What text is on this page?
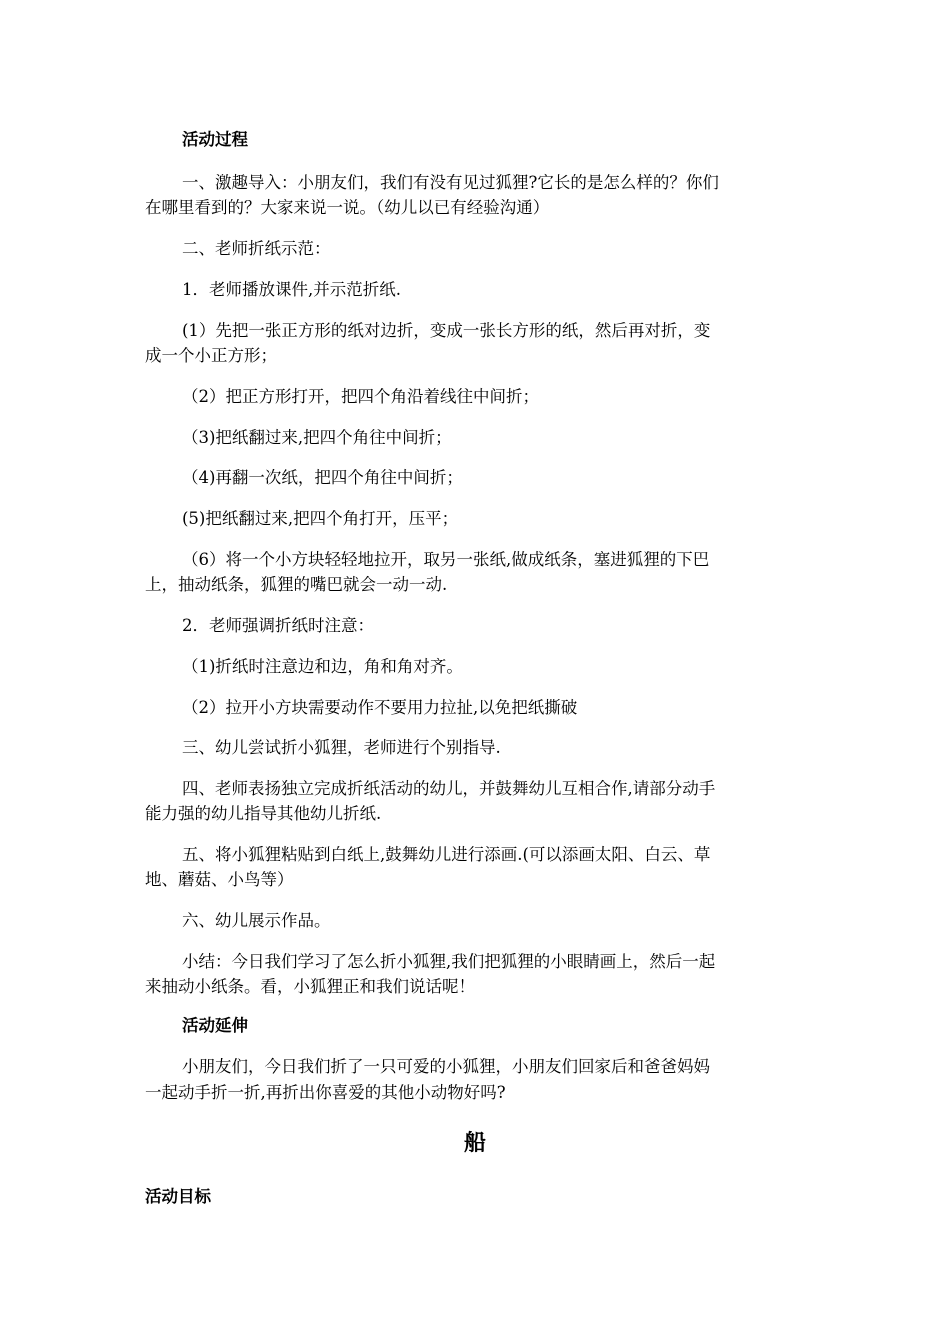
活动过程
一、激趣导入：小朋友们，我们有没有见过狐狸?它长的是怎么样的？你们
在哪里看到的？大家来说一说。（幼儿以已有经验沟通）
二、老师折纸示范：
1．老师播放课件,并示范折纸.
(1）先把一张正方形的纸对边折，变成一张长方形的纸，然后再对折，变
成一个小正方形；
（2）把正方形打开，把四个角沿着线往中间折；
（3)把纸翻过来,把四个角往中间折；
（4)再翻一次纸，把四个角往中间折；
(5)把纸翻过来,把四个角打开，压平；
（6）将一个小方块轻轻地拉开，取另一张纸,做成纸条，塞进狐狸的下巴
上，抽动纸条，狐狸的嘴巴就会一动一动.
2．老师强调折纸时注意：
（1)折纸时注意边和边，角和角对齐。
（2）拉开小方块需要动作不要用力拉扯,以免把纸撕破
三、幼儿尝试折小狐狸，老师进行个别指导.
四、老师表扬独立完成折纸活动的幼儿，并鼓舞幼儿互相合作,请部分动手
能力强的幼儿指导其他幼儿折纸.
五、将小狐狸粘贴到白纸上,鼓舞幼儿进行添画.(可以添画太阳、白云、草
地、蘑菇、小鸟等）
六、幼儿展示作品。
小结：今日我们学习了怎么折小狐狸,我们把狐狸的小眼睛画上，然后一起
来抽动小纸条。看，小狐狸正和我们说话呢！
活动延伸
小朋友们，今日我们折了一只可爱的小狐狸，小朋友们回家后和爸爸妈妈
一起动手折一折,再折出你喜爱的其他小动物好吗?
船
活动目标
